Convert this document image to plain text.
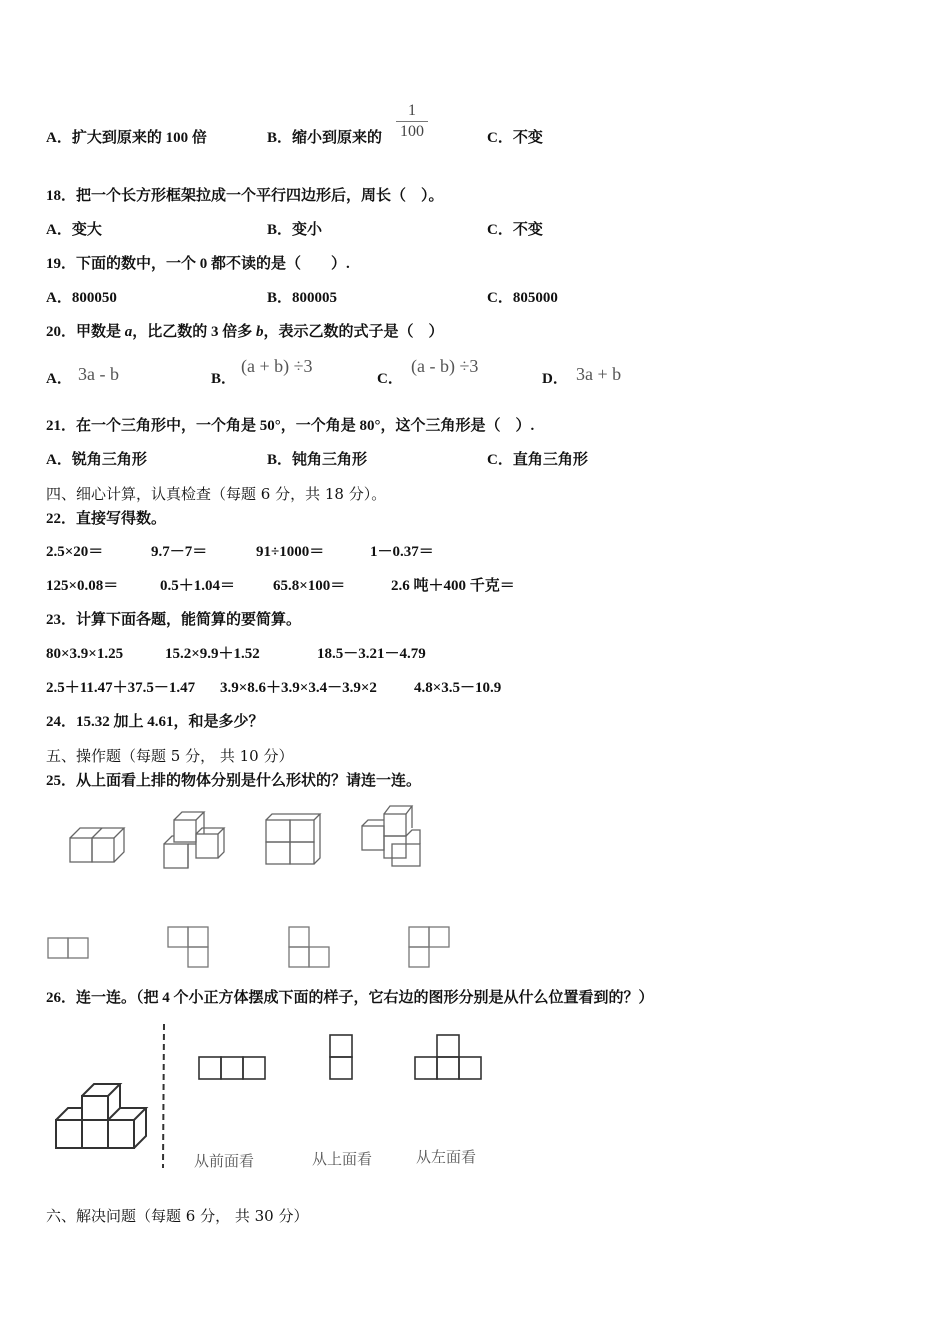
A．扩大到原来的 100 倍	B．缩小到原来的
1
100	C．不变
18．把一个长方形框架拉成一个平行四边形后，周长（　）。
A．变大	B．变小	C．不变
19．下面的数中，一个 0 都不读的是（　　）.
A．800050	B．800005	C．805000
20．甲数是 a，比乙数的 3 倍多 b，表示乙数的式子是（　）
A． 3a - b	B．
(a + b) ÷3
C．
(a - b) ÷3
D． 3a + b
21．在一个三角形中，一个角是 50°，一个角是 80°，这个三角形是（　）.
A．锐角三角形	B．钝角三角形	C．直角三角形
四、细心计算，认真检查（每题 6 分，共 18 分）。
22．直接写得数。
2.5×20＝	9.7－7＝	91÷1000＝	1－0.37＝
125×0.08＝	0.5＋1.04＝	65.8×100＝	2.6 吨＋400 千克＝
23．计算下面各题，能简算的要简算。
80×3.9×1.25	15.2×9.9＋1.52	18.5－3.21－4.79
2.5＋11.47＋37.5－1.47 3.9×8.6＋3.9×3.4－3.9×2 4.8×3.5－10.9
24．15.32 加上 4.61，和是多少？
五、操作题（每题 5 分， 共 10 分）
25．从上面看上排的物体分别是什么形状的？请连一连。
26．连一连。（把 4 个小正方体摆成下面的样子，它右边的图形分别是从什么位置看到的？）
从前面看	从上面看	从左面看
六、解决问题（每题 6 分， 共 30 分）
